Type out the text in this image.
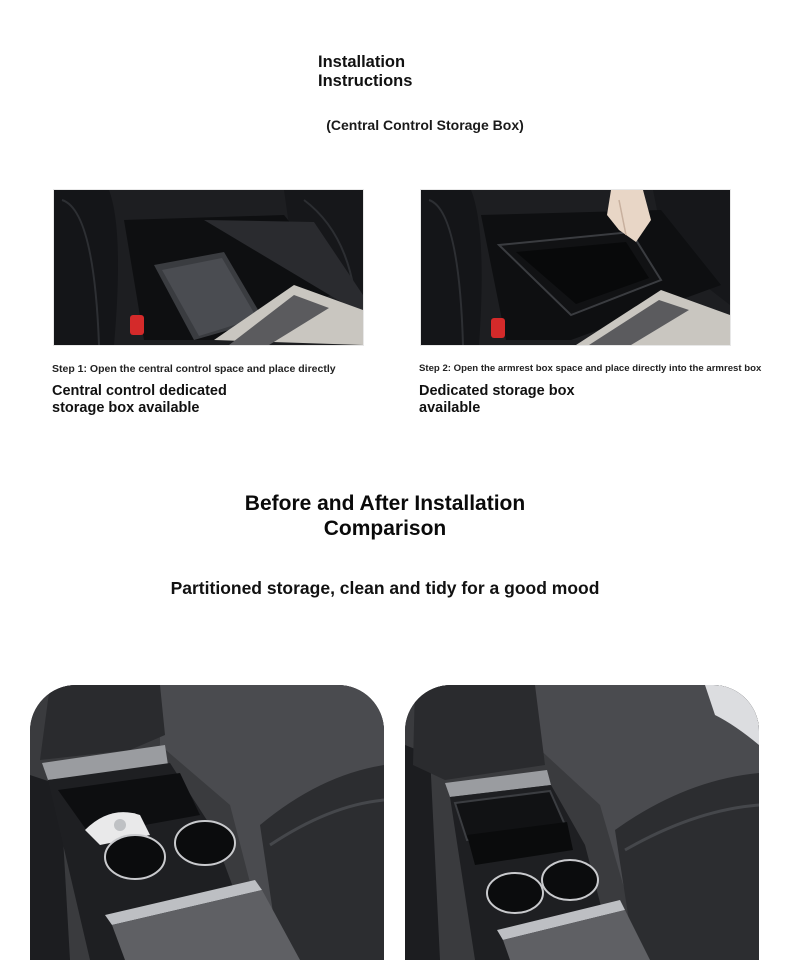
Installation
Instructions
(Central Control Storage Box)
Step 1: Open the central control space and place directly
Central control dedicated
storage box available
Step 2: Open the armrest box space and place directly into the armrest box
Dedicated storage box
available
Before and After Installation
Comparison
Partitioned storage, clean and tidy for a good mood
